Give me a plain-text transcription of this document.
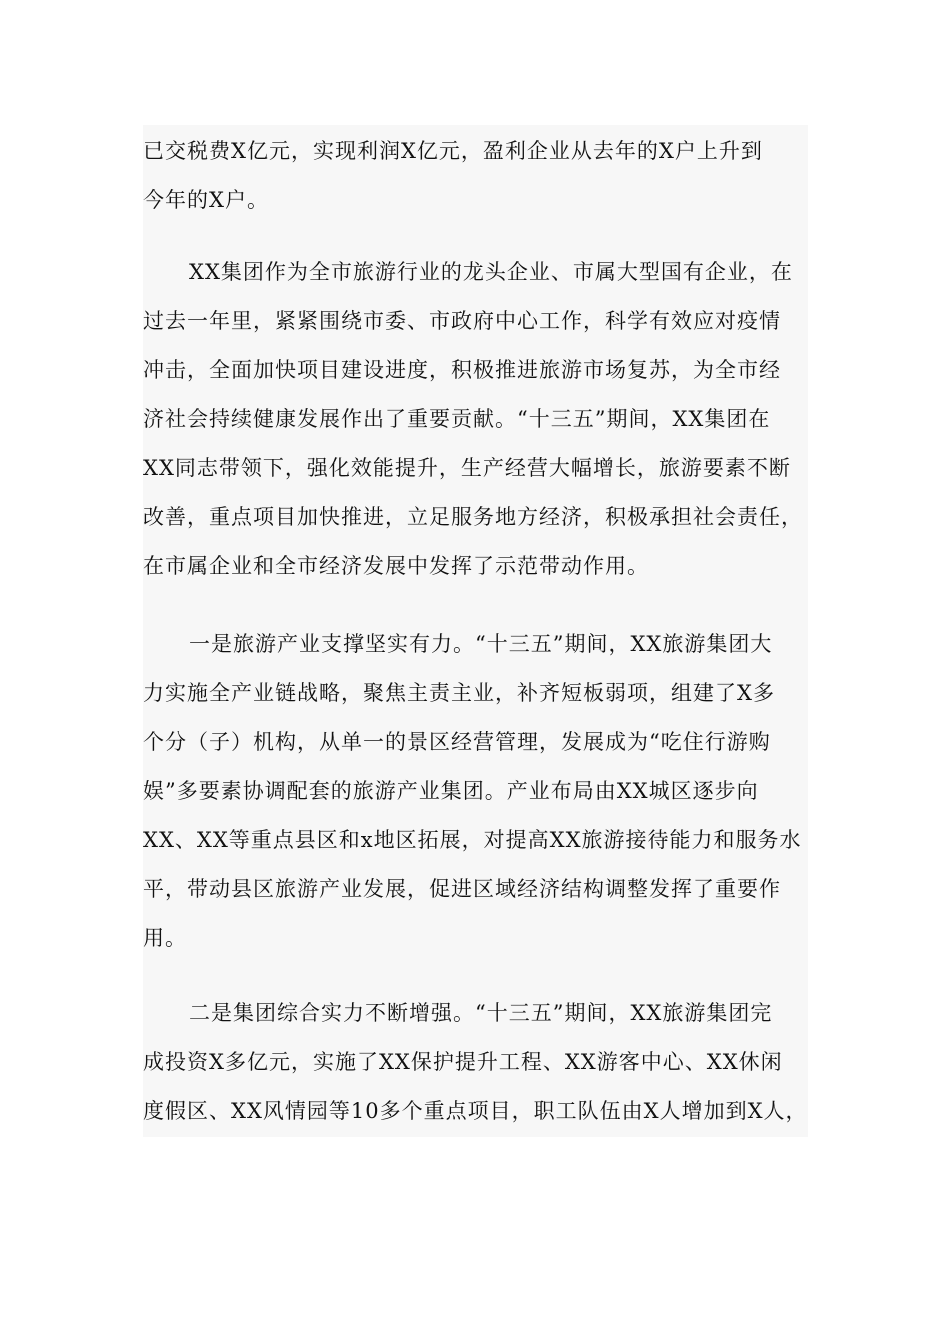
已交税费X亿元，实现利润X亿元，盈利企业从去年的X户上升到
今年的X户。

XX集团作为全市旅游行业的龙头企业、市属大型国有企业，在
过去一年里，紧紧围绕市委、市政府中心工作，科学有效应对疫情
冲击，全面加快项目建设进度，积极推进旅游市场复苏，为全市经
济社会持续健康发展作出了重要贡献。“十三五”期间，XX集团在
XX同志带领下，强化效能提升，生产经营大幅增长，旅游要素不断
改善，重点项目加快推进，立足服务地方经济，积极承担社会责任，
在市属企业和全市经济发展中发挥了示范带动作用。

一是旅游产业支撑坚实有力。“十三五”期间，XX旅游集团大
力实施全产业链战略，聚焦主责主业，补齐短板弱项，组建了X多
个分（子）机构，从单一的景区经营管理，发展成为“吃住行游购
娱”多要素协调配套的旅游产业集团。产业布局由XX城区逐步向
XX、XX等重点县区和x地区拓展，对提高XX旅游接待能力和服务水
平，带动县区旅游产业发展，促进区域经济结构调整发挥了重要作
用。

二是集团综合实力不断增强。“十三五”期间，XX旅游集团完
成投资X多亿元，实施了XX保护提升工程、XX游客中心、XX休闲
度假区、XX风情园等10多个重点项目，职工队伍由X人增加到X人，
